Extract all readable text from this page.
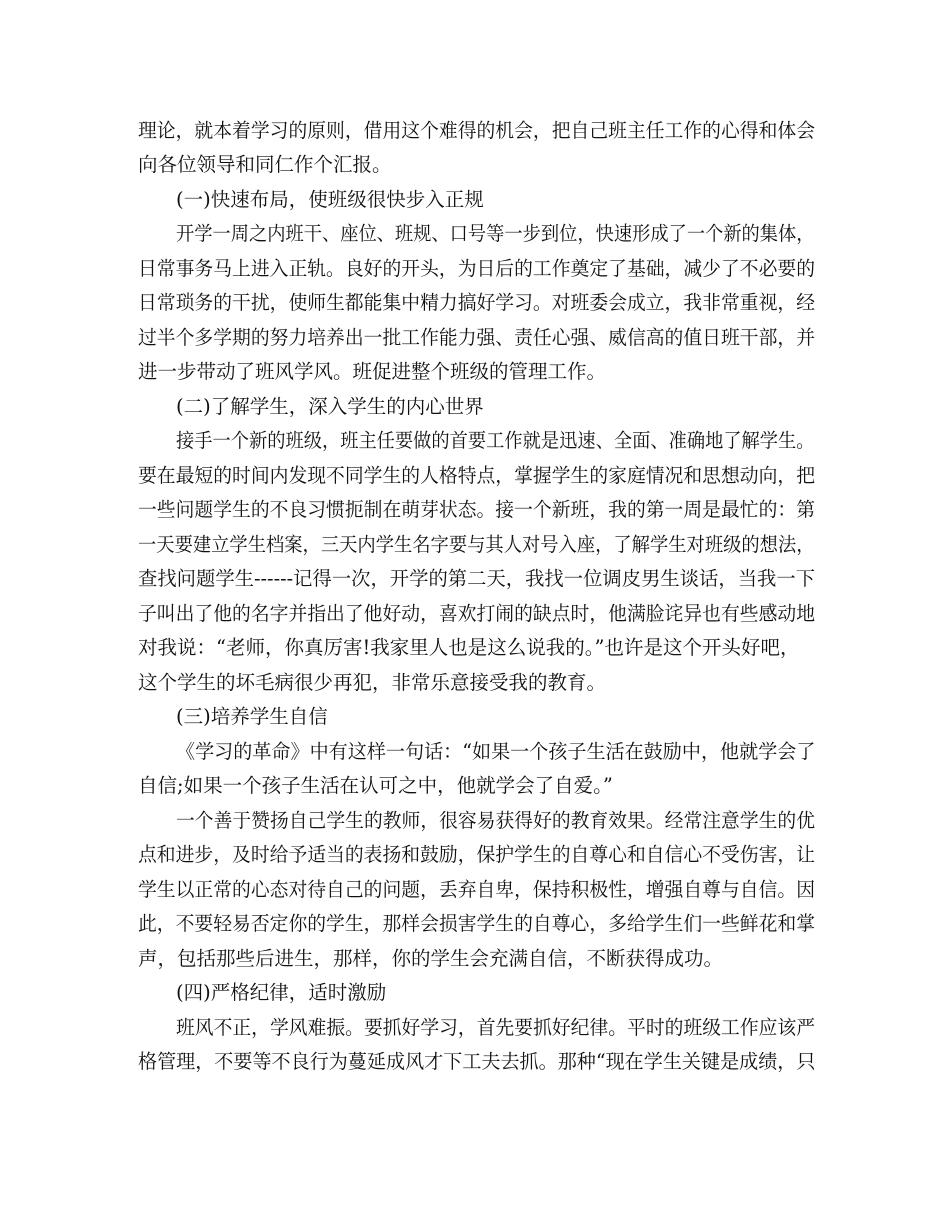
理论，就本着学习的原则，借用这个难得的机会，把自己班主任工作的心得和体会
向各位领导和同仁作个汇报。
(一)快速布局，使班级很快步入正规
开学一周之内班干、座位、班规、口号等一步到位，快速形成了一个新的集体，
日常事务马上进入正轨。良好的开头，为日后的工作奠定了基础，减少了不必要的
日常琐务的干扰，使师生都能集中精力搞好学习。对班委会成立，我非常重视，经
过半个多学期的努力培养出一批工作能力强、责任心强、威信高的值日班干部，并
进一步带动了班风学风。班促进整个班级的管理工作。
(二)了解学生，深入学生的内心世界
接手一个新的班级，班主任要做的首要工作就是迅速、全面、准确地了解学生。
要在最短的时间内发现不同学生的人格特点，掌握学生的家庭情况和思想动向，把
一些问题学生的不良习惯扼制在萌芽状态。接一个新班，我的第一周是最忙的：第
一天要建立学生档案，三天内学生名字要与其人对号入座，了解学生对班级的想法，
查找问题学生------记得一次，开学的第二天，我找一位调皮男生谈话，当我一下
子叫出了他的名字并指出了他好动，喜欢打闹的缺点时，他满脸诧异也有些感动地
对我说：“老师，你真厉害!我家里人也是这么说我的。”也许是这个开头好吧，
这个学生的坏毛病很少再犯，非常乐意接受我的教育。
(三)培养学生自信
《学习的革命》中有这样一句话：“如果一个孩子生活在鼓励中，他就学会了
自信;如果一个孩子生活在认可之中，他就学会了自爱。”
一个善于赞扬自己学生的教师，很容易获得好的教育效果。经常注意学生的优
点和进步，及时给予适当的表扬和鼓励，保护学生的自尊心和自信心不受伤害，让
学生以正常的心态对待自己的问题，丢弃自卑，保持积极性，增强自尊与自信。因
此，不要轻易否定你的学生，那样会损害学生的自尊心，多给学生们一些鲜花和掌
声，包括那些后进生，那样，你的学生会充满自信，不断获得成功。
(四)严格纪律，适时激励
班风不正，学风难振。要抓好学习，首先要抓好纪律。平时的班级工作应该严
格管理，不要等不良行为蔓延成风才下工夫去抓。那种“现在学生关键是成绩，只
